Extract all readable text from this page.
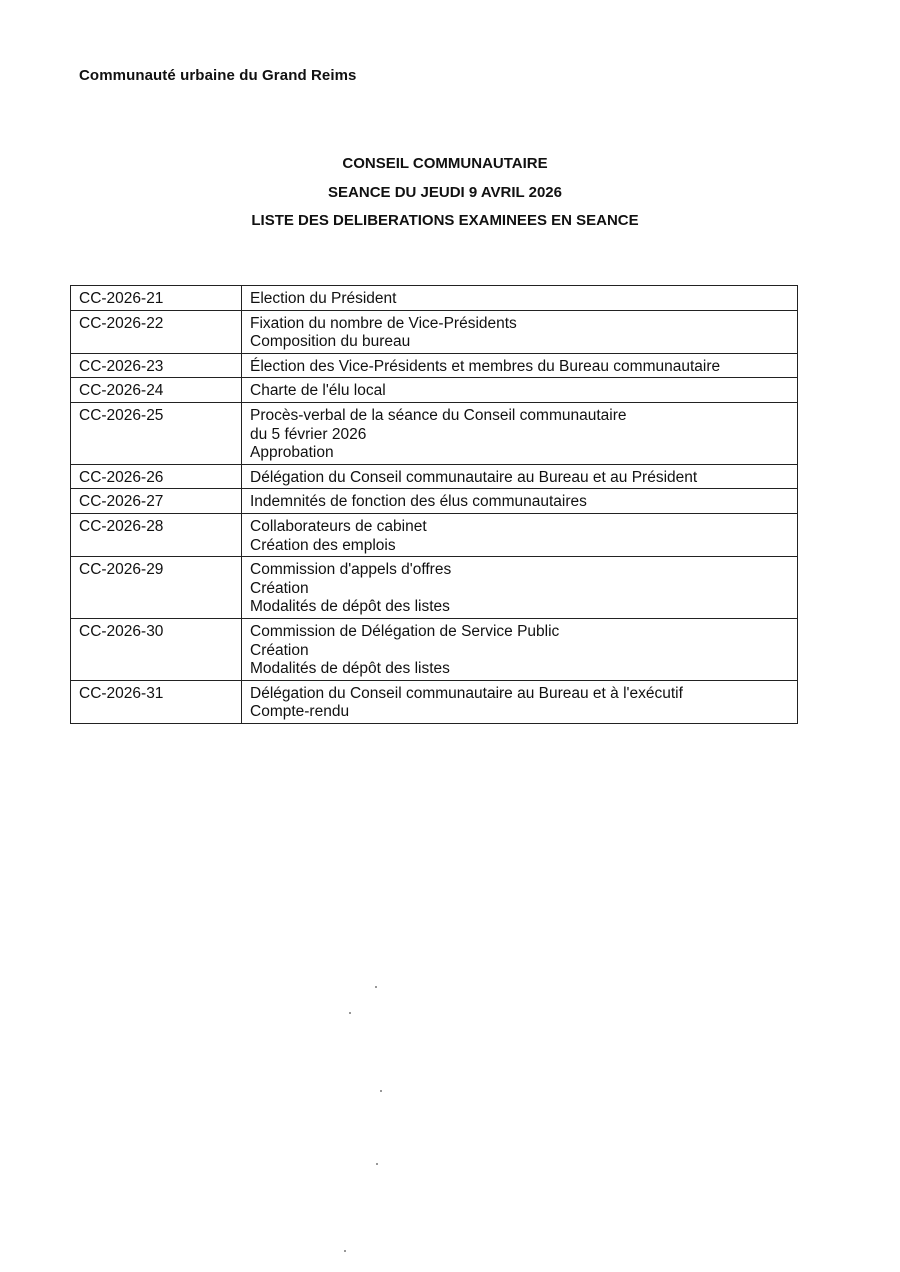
Communauté urbaine du Grand Reims
CONSEIL COMMUNAUTAIRE
SEANCE DU JEUDI 9 AVRIL 2026
LISTE DES DELIBERATIONS EXAMINEES EN SEANCE
CC-2026-21	Election du Président

CC-2026-22	Fixation du nombre de Vice-Présidents
Composition du bureau

CC-2026-23	Élection des Vice-Présidents et membres du Bureau communautaire

CC-2026-24	Charte de l'élu local

CC-2026-25	Procès-verbal de la séance du Conseil communautaire
du 5 février 2026
Approbation

CC-2026-26	Délégation du Conseil communautaire au Bureau et au Président

CC-2026-27	Indemnités de fonction des élus communautaires

CC-2026-28	Collaborateurs de cabinet
Création des emplois

CC-2026-29	Commission d'appels d'offres
Création
Modalités de dépôt des listes

CC-2026-30	Commission de Délégation de Service Public
Création
Modalités de dépôt des listes

CC-2026-31	Délégation du Conseil communautaire au Bureau et à l'exécutif
Compte-rendu
